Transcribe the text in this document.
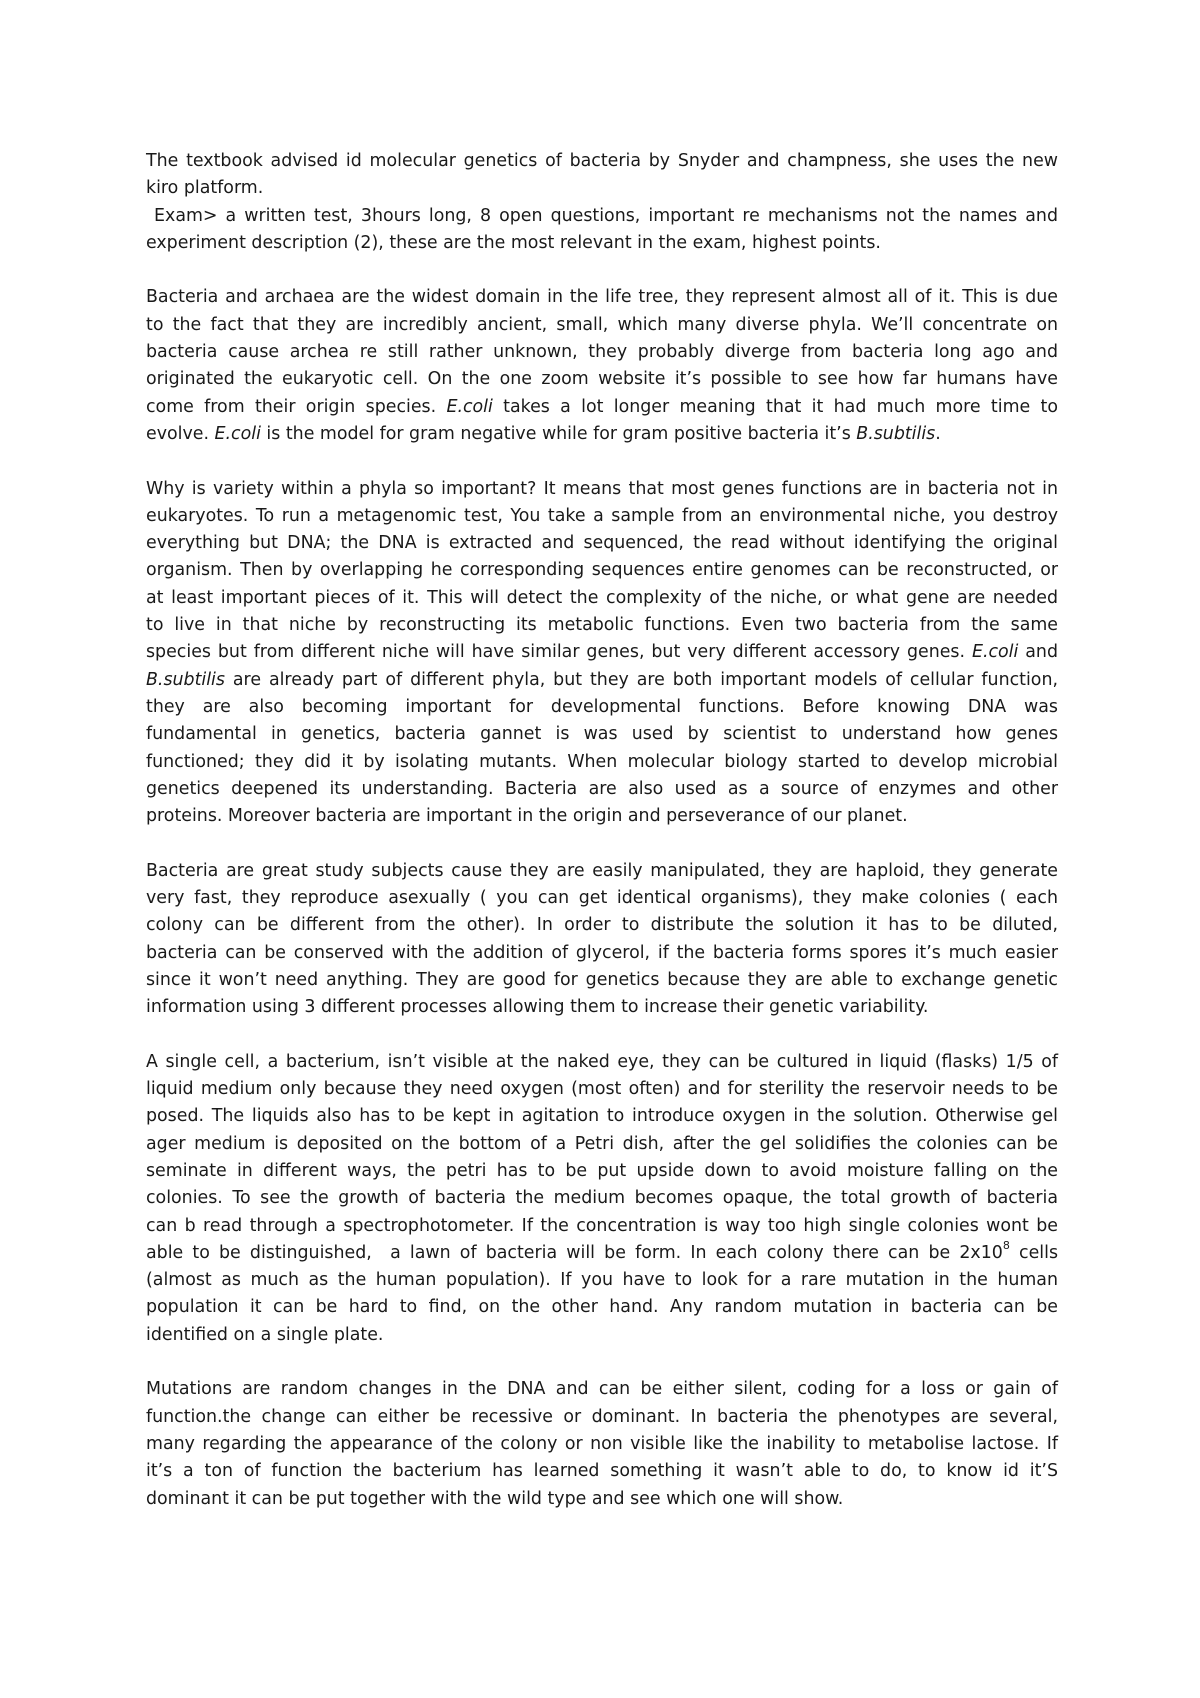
The textbook advised id molecular genetics of bacteria by Snyder and champness, she uses the new
kiro platform.
Exam> a written test, 3hours long, 8 open questions, important re mechanisms not the names and
experiment description (2), these are the most relevant in the exam, highest points.
Bacteria and archaea are the widest domain in the life tree, they represent almost all of it. This is due
to the fact that they are incredibly ancient, small, which many diverse phyla. We’ll concentrate on
bacteria cause archea re still rather unknown, they probably diverge from bacteria long ago and
originated the eukaryotic cell. On the one zoom website it’s possible to see how far humans have
come from their origin species. E.coli takes a lot longer meaning that it had much more time to
evolve. E.coli is the model for gram negative while for gram positive bacteria it’s B.subtilis.
Why is variety within a phyla so important? It means that most genes functions are in bacteria not in
eukaryotes. To run a metagenomic test, You take a sample from an environmental niche, you destroy
everything but DNA; the DNA is extracted and sequenced, the read without identifying the original
organism. Then by overlapping he corresponding sequences entire genomes can be reconstructed, or
at least important pieces of it. This will detect the complexity of the niche, or what gene are needed
to live in that niche by reconstructing its metabolic functions. Even two bacteria from the same
species but from different niche will have similar genes, but very different accessory genes. E.coli and
B.subtilis are already part of different phyla, but they are both important models of cellular function,
they are also becoming important for developmental functions. Before knowing DNA was
fundamental in genetics, bacteria gannet is was used by scientist to understand how genes
functioned; they did it by isolating mutants. When molecular biology started to develop microbial
genetics deepened its understanding. Bacteria are also used as a source of enzymes and other
proteins. Moreover bacteria are important in the origin and perseverance of our planet.
Bacteria are great study subjects cause they are easily manipulated, they are haploid, they generate
very fast, they reproduce asexually ( you can get identical organisms), they make colonies ( each
colony can be different from the other). In order to distribute the solution it has to be diluted,
bacteria can be conserved with the addition of glycerol, if the bacteria forms spores it’s much easier
since it won’t need anything. They are good for genetics because they are able to exchange genetic
information using 3 different processes allowing them to increase their genetic variability.
A single cell, a bacterium, isn’t visible at the naked eye, they can be cultured in liquid (flasks) 1/5 of
liquid medium only because they need oxygen (most often) and for sterility the reservoir needs to be
posed. The liquids also has to be kept in agitation to introduce oxygen in the solution. Otherwise gel
ager medium is deposited on the bottom of a Petri dish, after the gel solidifies the colonies can be
seminate in different ways, the petri has to be put upside down to avoid moisture falling on the
colonies. To see the growth of bacteria the medium becomes opaque, the total growth of bacteria
can b read through a spectrophotometer. If the concentration is way too high single colonies wont be
able to be distinguished,  a lawn of bacteria will be form. In each colony there can be $2x10^8$ cells
(almost as much as the human population). If you have to look for a rare mutation in the human
population it can be hard to find, on the other hand. Any random mutation in bacteria can be
identified on a single plate.
Mutations are random changes in the DNA and can be either silent, coding for a loss or gain of
function.the change can either be recessive or dominant. In bacteria the phenotypes are several,
many regarding the appearance of the colony or non visible like the inability to metabolise lactose. If
it’s a ton of function the bacterium has learned something it wasn’t able to do, to know id it’S
dominant it can be put together with the wild type and see which one will show.
